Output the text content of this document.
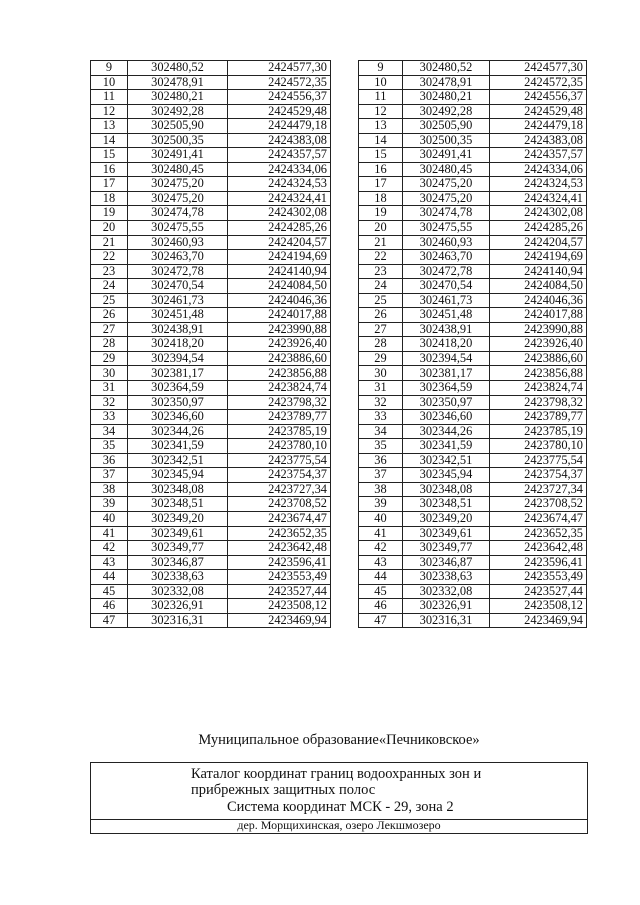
9	302480,52	2424577,30
10	302478,91	2424572,35
11	302480,21	2424556,37
12	302492,28	2424529,48
13	302505,90	2424479,18
14	302500,35	2424383,08
15	302491,41	2424357,57
16	302480,45	2424334,06
17	302475,20	2424324,53
18	302475,20	2424324,41
19	302474,78	2424302,08
20	302475,55	2424285,26
21	302460,93	2424204,57
22	302463,70	2424194,69
23	302472,78	2424140,94
24	302470,54	2424084,50
25	302461,73	2424046,36
26	302451,48	2424017,88
27	302438,91	2423990,88
28	302418,20	2423926,40
29	302394,54	2423886,60
30	302381,17	2423856,88
31	302364,59	2423824,74
32	302350,97	2423798,32
33	302346,60	2423789,77
34	302344,26	2423785,19
35	302341,59	2423780,10
36	302342,51	2423775,54
37	302345,94	2423754,37
38	302348,08	2423727,34
39	302348,51	2423708,52
40	302349,20	2423674,47
41	302349,61	2423652,35
42	302349,77	2423642,48
43	302346,87	2423596,41
44	302338,63	2423553,49
45	302332,08	2423527,44
46	302326,91	2423508,12
47	302316,31	2423469,94
9	302480,52	2424577,30
10	302478,91	2424572,35
11	302480,21	2424556,37
12	302492,28	2424529,48
13	302505,90	2424479,18
14	302500,35	2424383,08
15	302491,41	2424357,57
16	302480,45	2424334,06
17	302475,20	2424324,53
18	302475,20	2424324,41
19	302474,78	2424302,08
20	302475,55	2424285,26
21	302460,93	2424204,57
22	302463,70	2424194,69
23	302472,78	2424140,94
24	302470,54	2424084,50
25	302461,73	2424046,36
26	302451,48	2424017,88
27	302438,91	2423990,88
28	302418,20	2423926,40
29	302394,54	2423886,60
30	302381,17	2423856,88
31	302364,59	2423824,74
32	302350,97	2423798,32
33	302346,60	2423789,77
34	302344,26	2423785,19
35	302341,59	2423780,10
36	302342,51	2423775,54
37	302345,94	2423754,37
38	302348,08	2423727,34
39	302348,51	2423708,52
40	302349,20	2423674,47
41	302349,61	2423652,35
42	302349,77	2423642,48
43	302346,87	2423596,41
44	302338,63	2423553,49
45	302332,08	2423527,44
46	302326,91	2423508,12
47	302316,31	2423469,94
Муниципальное образование«Печниковское»
Каталог координат границ водоохранных зон и
прибрежных защитных полос
Система координат МСК - 29, зона 2
дер. Морщихинская, озеро Лекшмозеро
